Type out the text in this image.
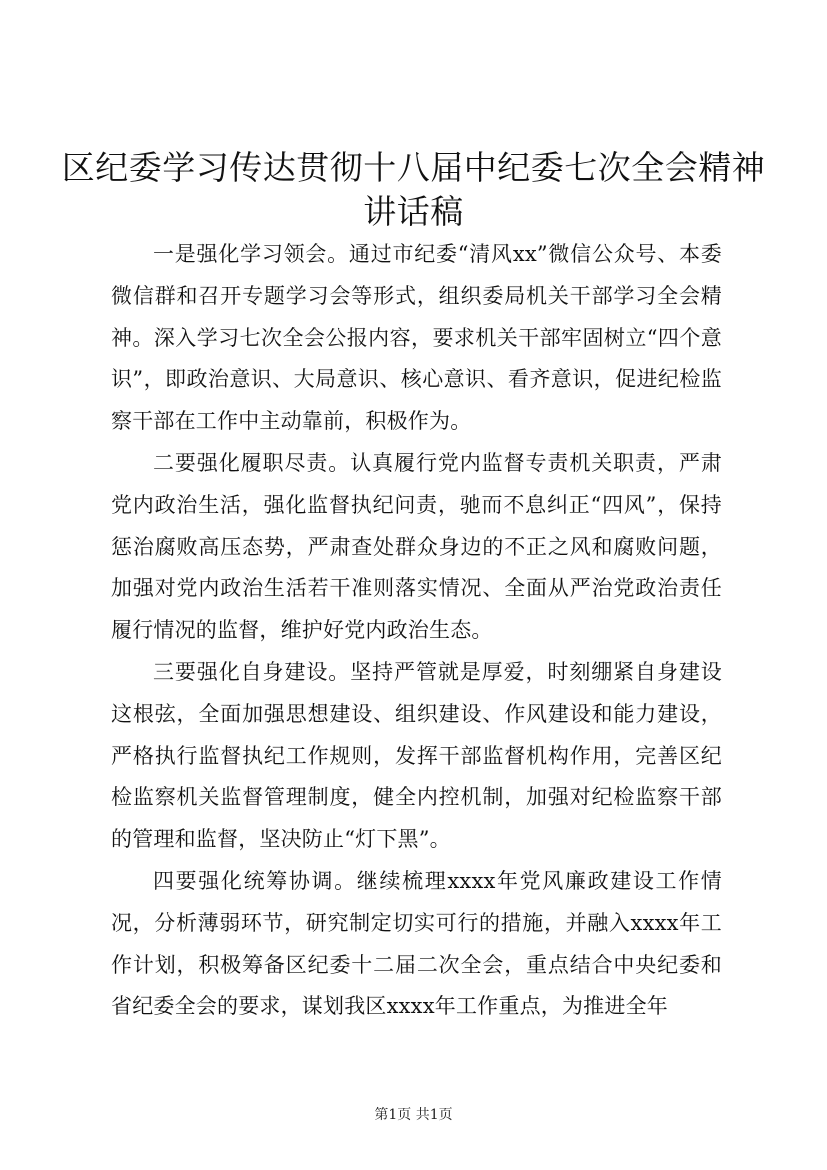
区纪委学习传达贯彻十八届中纪委七次全会精神讲话稿

一是强化学习领会。通过市纪委“清风xx”微信公众号、本委微信群和召开专题学习会等形式，组织委局机关干部学习全会精神。深入学习七次全会公报内容，要求机关干部牢固树立“四个意识”，即政治意识、大局意识、核心意识、看齐意识，促进纪检监察干部在工作中主动靠前，积极作为。

二要强化履职尽责。认真履行党内监督专责机关职责，严肃党内政治生活，强化监督执纪问责，驰而不息纠正“四风”，保持惩治腐败高压态势，严肃查处群众身边的不正之风和腐败问题，加强对党内政治生活若干准则落实情况、全面从严治党政治责任履行情况的监督，维护好党内政治生态。

三要强化自身建设。坚持严管就是厚爱，时刻绷紧自身建设这根弦，全面加强思想建设、组织建设、作风建设和能力建设，严格执行监督执纪工作规则，发挥干部监督机构作用，完善区纪检监察机关监督管理制度，健全内控机制，加强对纪检监察干部的管理和监督，坚决防止“灯下黑”。

四要强化统筹协调。继续梳理xxxx年党风廉政建设工作情况，分析薄弱环节，研究制定切实可行的措施，并融入xxxx年工作计划，积极筹备区纪委十二届二次全会，重点结合中央纪委和省纪委全会的要求，谋划我区xxxx年工作重点，为推进全年

第1页 共1页
